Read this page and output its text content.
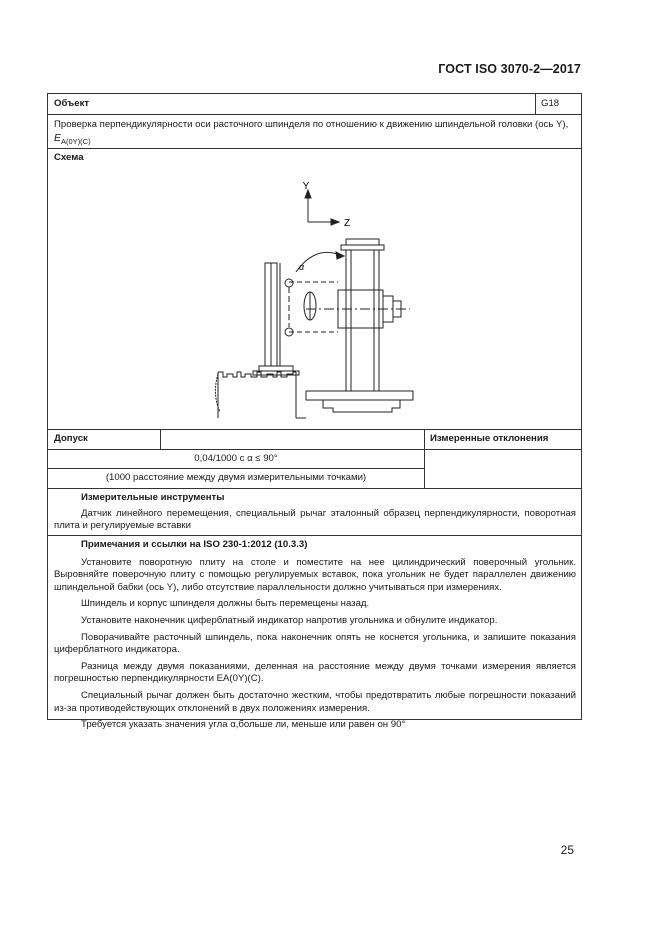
ГОСТ ISO 3070-2—2017
Объект	G18
Проверка перпендикулярности оси расточного шпинделя по отношению к движению шпиндельной головки (ось Y), $E_{A(0Y)(C)}$
Схема
Y
Z
α
Допуск	Измеренные отклонения
0,04/1000 с α ≤ 90°
(1000 расстояние между двумя измерительными точками)

Измерительные инструменты

Датчик линейного перемещения, специальный рычаг эталонный образец перпендикулярности, поворотная плита и регулируемые вставки

Примечания и ссылки на ISO 230-1:2012 (10.3.3)

Установите поворотную плиту на столе и поместите на нее цилиндрический поверочный угольник. Выровняйте поверочную плиту с помощью регулируемых вставок, пока угольник не будет параллелен движению шпиндельной бабки (ось Y), либо отсутствие параллельности должно учитываться при измерениях.

Шпиндель и корпус шпинделя должны быть перемещены назад.

Установите наконечник циферблатный индикатор напротив угольника и обнулите индикатор.

Поворачивайте расточный шпиндель, пока наконечник опять не коснется угольника, и запишите показания циферблатного индикатора.

Разница между двумя показаниями, деленная на расстояние между двумя точками измерения является погрешностью перпендикулярности EA(0Y)(C).

Специальный рычаг должен быть достаточно жестким, чтобы предотвратить любые погрешности показаний из-за противодействующих отклонений в двух положениях измерения.

Требуется указать значения угла α,больше ли, меньше или равен он 90°

25
